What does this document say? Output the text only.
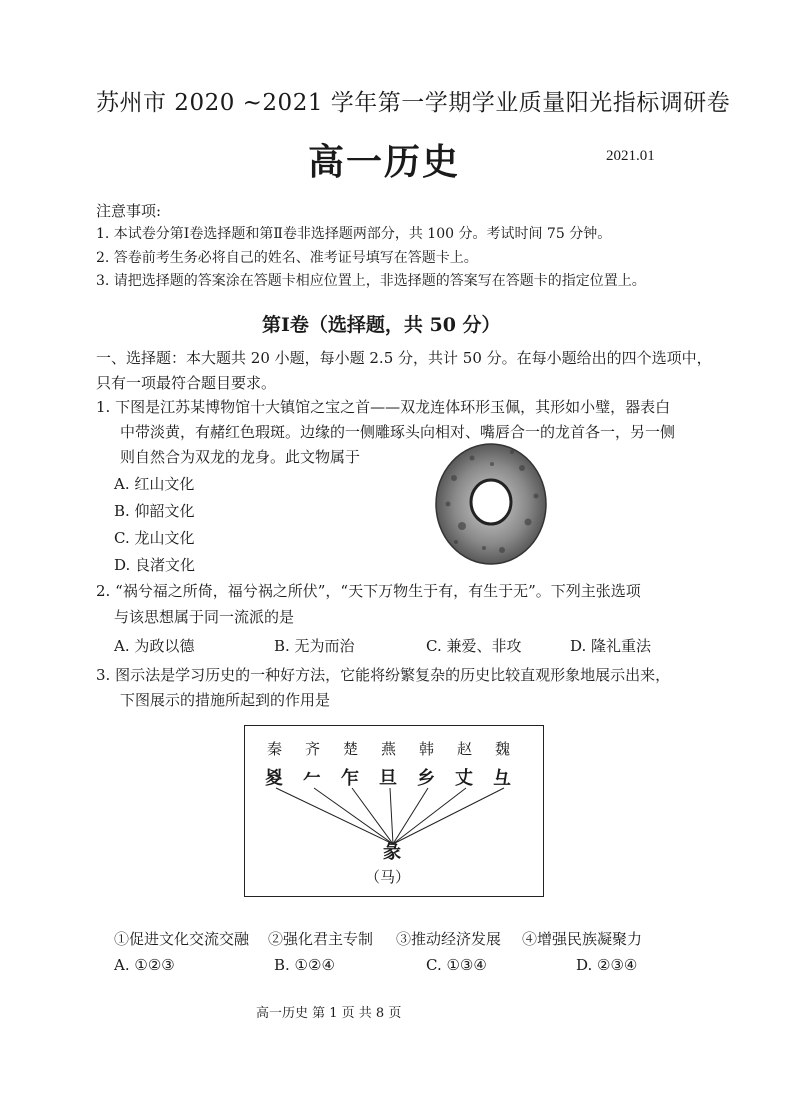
苏州市 2020 ~2021 学年第一学期学业质量阳光指标调研卷
高一历史	2021.01
注意事项:
1. 本试卷分第Ⅰ卷选择题和第Ⅱ卷非选择题两部分，共 100 分。考试时间 75 分钟。
2. 答卷前考生务必将自己的姓名、准考证号填写在答题卡上。
3. 请把选择题的答案涂在答题卡相应位置上，非选择题的答案写在答题卡的指定位置上。
第Ⅰ卷（选择题，共 50 分）
一、选择题：本大题共 20 小题，每小题 2.5 分，共计 50 分。在每小题给出的四个选项中，
只有一项最符合题目要求。
1. 下图是江苏某博物馆十大镇馆之宝之首——双龙连体环形玉佩，其形如小璧，器表白
中带淡黄，有赭红色瑕斑。边缘的一侧雕琢头向相对、嘴唇合一的龙首各一，另一侧
则自然合为双龙的龙身。此文物属于
A. 红山文化
B. 仰韶文化
C. 龙山文化
D. 良渚文化
2. “祸兮福之所倚，福兮祸之所伏”，“天下万物生于有，有生于无”。下列主张选项
与该思想属于同一流派的是
A. 为政以德	B. 无为而治	C. 兼爱、非攻	D. 隆礼重法
3. 图示法是学习历史的一种好方法，它能将纷繁复杂的历史比较直观形象地展示出来，
下图展示的措施所起到的作用是
秦 齐 楚 燕 韩 赵 魏
㚇 𠂉 乍 旦 乡 丈 彑
彖
（马）
①促进文化交流交融 ②强化君主专制 ③推动经济发展 ④增强民族凝聚力
A. ①②③	B. ①②④	C. ①③④	D. ②③④
高一历史 第 1 页 共 8 页
